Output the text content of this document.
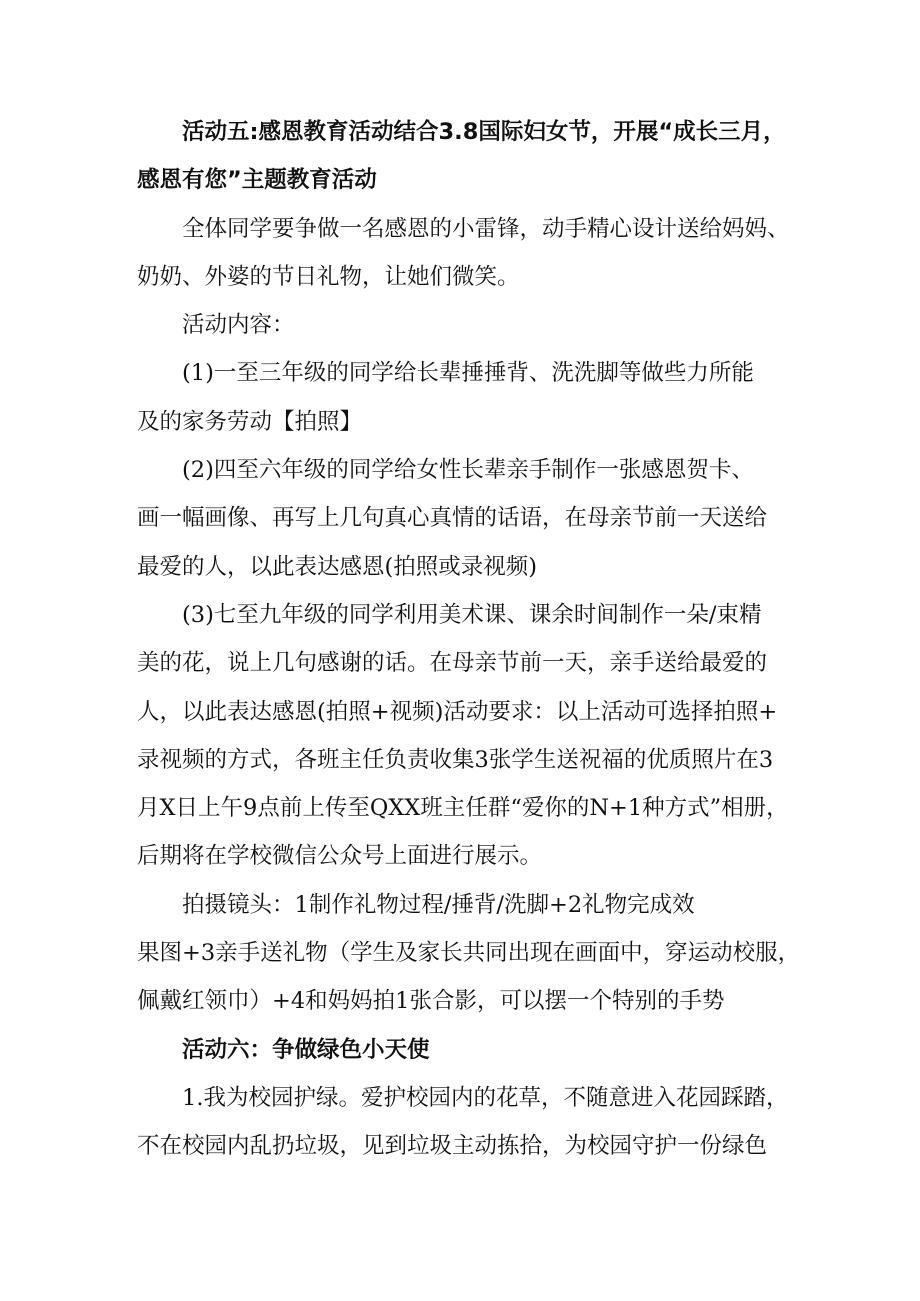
活动五:感恩教育活动结合3.8国际妇女节，开展“成长三月，
感恩有您”主题教育活动

全体同学要争做一名感恩的小雷锋，动手精心设计送给妈妈、
奶奶、外婆的节日礼物，让她们微笑。

活动内容：

(1)一至三年级的同学给长辈捶捶背、洗洗脚等做些力所能
及的家务劳动【拍照】

(2)四至六年级的同学给女性长辈亲手制作一张感恩贺卡、
画一幅画像、再写上几句真心真情的话语，在母亲节前一天送给
最爱的人，以此表达感恩(拍照或录视频)

(3)七至九年级的同学利用美术课、课余时间制作一朵/束精
美的花，说上几句感谢的话。在母亲节前一天，亲手送给最爱的
人，以此表达感恩(拍照+视频)活动要求：以上活动可选择拍照+
录视频的方式，各班主任负责收集3张学生送祝福的优质照片在3
月X日上午9点前上传至QXX班主任群“爱你的N+1种方式”相册，
后期将在学校微信公众号上面进行展示。

拍摄镜头：1制作礼物过程/捶背/洗脚+2礼物完成效
果图+3亲手送礼物（学生及家长共同出现在画面中，穿运动校服，
佩戴红领巾）+4和妈妈拍1张合影，可以摆一个特别的手势

活动六：争做绿色小天使

1.我为校园护绿。爱护校园内的花草，不随意进入花园踩踏，
不在校园内乱扔垃圾，见到垃圾主动拣拾，为校园守护一份绿色
